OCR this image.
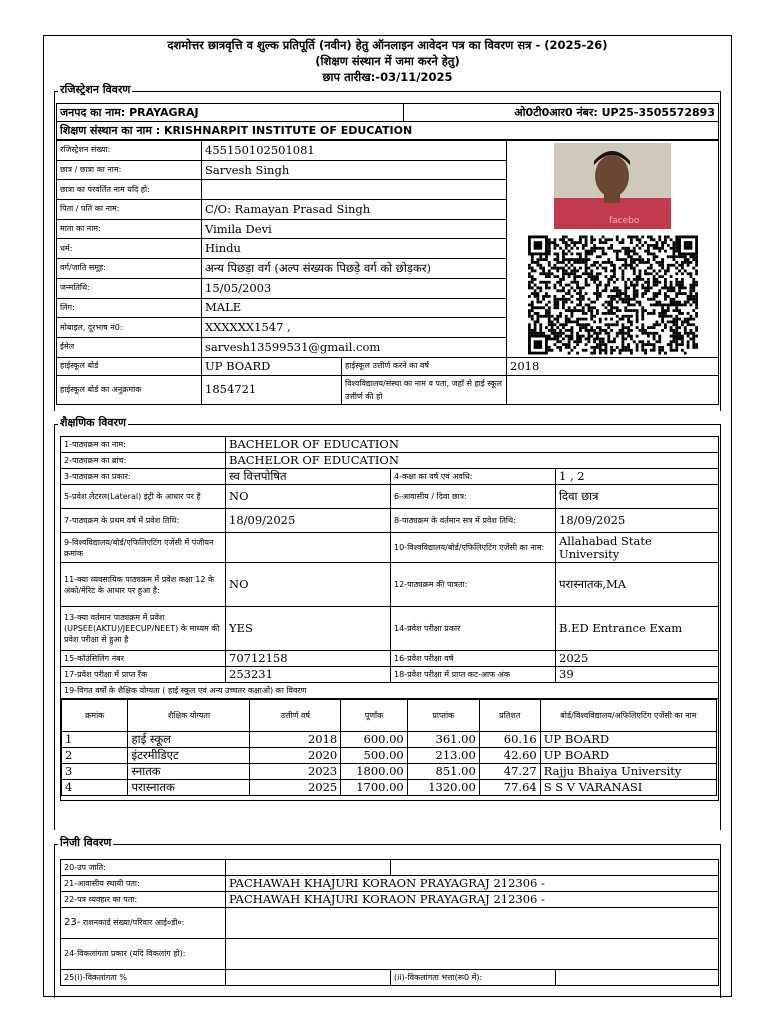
दशमोत्तर छात्रवृत्ति व शुल्क प्रतिपूर्ति (नवीन) हेतु ऑनलाइन आवेदन पत्र का विवरण सत्र - (2025-26)
(शिक्षण संस्थान में जमा करने हेतु)
छाप तारीख:-03/11/2025
रजिस्ट्रेशन विवरण
जनपद का नाम: PRAYAGRAJ	ओ0टी0आर0 नंबर: UP25-3505572893
शिक्षण संस्थान का नाम : KRISHNARPIT INSTITUTE OF EDUCATION
रजिस्ट्रेशन संख्या:	455150102501081		facebo

छात्र / छात्रा का नाम:	Sarvesh Singh		
छात्रा का परवर्तित नाम यदि हो:			
पिता / पति का नाम:	C/O: Ramayan Prasad Singh		
माता का नाम:	Vimila Devi		
धर्म:	Hindu		
वर्ग/जाति समूह:	अन्य पिछड़ा वर्ग (अल्प संख्यक पिछड़े वर्ग को छोड़कर)		
जन्मतिथि:	15/05/2003		
लिंग:	MALE		
मोबाइल, दूरभाष नं0:	XXXXXX1547 ,		
ईमेल	sarvesh13599531@gmail.com		
हाईस्कूल बोर्ड	UP BOARD	हाईस्कूल उत्तीर्ण करने का वर्ष	2018
हाईस्कूल बोर्ड का अनुक्रमांक	1854721	विश्वविद्यालय/संस्था का नाम व पता, जहाँ से हाई स्कूल उत्तीर्ण की हो	
शैक्षणिक विवरण
1-पाठ्यक्रम का नाम:	BACHELOR OF EDUCATION
2-पाठ्यक्रम का ब्रांच:	BACHELOR OF EDUCATION
3-पाठ्यक्रम का प्रकार:	स्व वित्तपोषित	4-कक्षा का वर्ष एवं अवधि:	1 , 2
5-प्रवेश लेटरल(Lateral) इंट्री के आधार पर है	NO	6-आवासीय / दिवा छात्र:	दिवा छात्र
7-पाठ्यक्रम के प्रथम वर्ष में प्रवेश तिथि:	18/09/2025	8-पाठ्यक्रम के वर्तमान सत्र में प्रवेश तिथि:	18/09/2025
9-विश्वविद्यालय/बोर्ड/एफिलिएटिंग एजेंसी में पंजीयन क्रमांक		10-विश्वविद्यालय/बोर्ड/एफिलिएटिंग एजेंसी का नाम:	Allahabad State University
11-क्या व्यवसायिक पाठ्यक्रम में प्रवेश कक्षा 12 के अंको/मेरिट के आधार पर हुआ है:	NO	12-पाठ्यक्रम की पात्रता:	परास्नातक,MA
13-क्या वर्तमान पाठ्यक्रम में प्रवेश (UPSEE(AKTU)/JEECUP/NEET) के माध्यम की प्रवेश परीक्षा से हुआ है	YES	14-प्रवेश परीक्षा प्रकार	B.ED Entrance Exam
15-कॉउंसिलिंग नंबर	70712158	16-प्रवेश परीक्षा वर्ष	2025
17-प्रवेश परीक्षा में प्राप्त रैंक	253231	18-प्रवेश परीक्षा में प्राप्त कट-आफ अंक	39
19-विगत वर्षों के शैक्षिक योग्यता ( हाई स्कूल एवं अन्य उच्चतर कक्षाओं) का विवरण

क्रमांक	शैक्षिक योग्यता	उत्तीर्ण वर्ष	पूर्णांक	प्राप्तांक	प्रतिशत	बोर्ड/विश्वविद्यालय/अफिलिएटिंग एजेंसी का नाम
1	हाई स्कूल	2018	600.00	361.00	60.16	UP BOARD
2	इंटरमीडिएट	2020	500.00	213.00	42.60	UP BOARD
3	स्नातक	2023	1800.00	851.00	47.27	Rajju Bhaiya University
4	परास्नातक	2025	1700.00	1320.00	77.64	S S V VARANASI
निजी विवरण
20-उप जाति:			
21-आवासीय स्थायी पता:	PACHAWAH KHAJURI KORAON PRAYAGRAJ 212306 -		
22-पत्र व्यवहार का पता:	PACHAWAH KHAJURI KORAON PRAYAGRAJ 212306 -		
23- राशनकार्ड संख्या/परिवार आई०डी०:			
24-विकलांगता प्रकार (यदि विकलांग हो):			
25(i)-विकलांगता %		(ii)-विकलांगता भत्ता(रू0 में):	
